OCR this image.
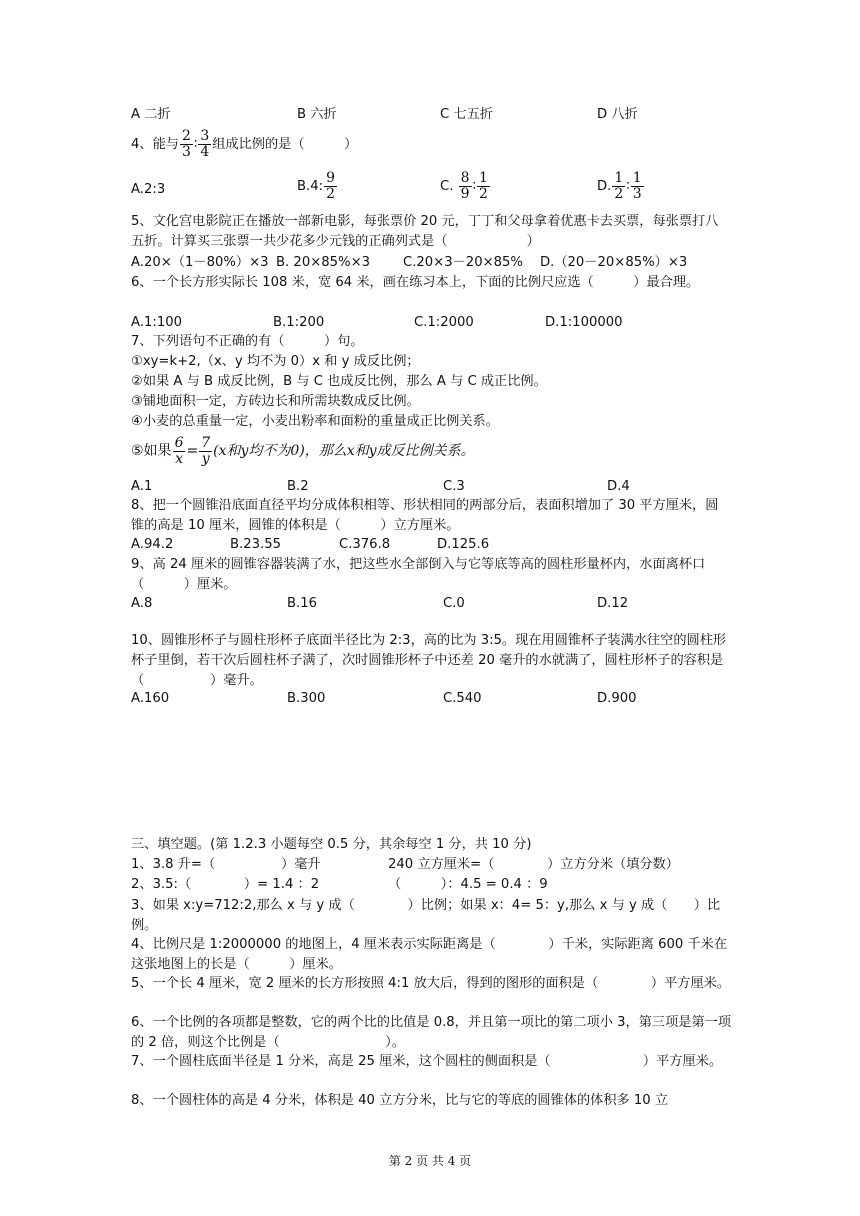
A 二折	B 六折	C 七五折	D 八折
4、能与 $\frac{2}{3}$ ∶ $\frac{3}{4}$ 组成比例的是（　　　）
A.2:3	B.4: $\frac{9}{2}$	C. $\frac{8}{9}$ ∶ $\frac{1}{2}$	D. $\frac{1}{2}$ ∶ $\frac{1}{3}$
5、文化宫电影院正在播放一部新电影，每张票价 20 元，丁丁和父母拿着优惠卡去买票，每张票打八五折。计算买三张票一共少花多少元钱的正确列式是（　　　　　　）
A.20×（1－80%）×3 B. 20×85%×3 C.20×3－20×85% D.（20－20×85%）×3
6、一个长方形实际长 108 米，宽 64 米，画在练习本上，下面的比例尺应选（　　　）最合理。
A.1:100	B.1:200	C.1:2000	D.1:100000
7、下列语句不正确的有（　　　）句。
①xy=k+2,（x、y 均不为 0）x 和 y 成反比例；
②如果 A 与 B 成反比例，B 与 C 也成反比例，那么 A 与 C 成正比例。
③铺地面积一定，方砖边长和所需块数成反比例。
④小麦的总重量一定，小麦出粉率和面粉的重量成正比例关系。
⑤如果 $\frac{6}{x} = \frac{7}{y} (x$和y均不为0)，那么x和y成反比例关系。
A.1	B.2	C.3	D.4
8、把一个圆锥沿底面直径平均分成体积相等、形状相同的两部分后，表面积增加了 30 平方厘米，圆锥的高是 10 厘米，圆锥的体积是（　　　）立方厘米。
A.94.2	B.23.55	C.376.8	D.125.6
9、高 24 厘米的圆锥容器装满了水，把这些水全部倒入与它等底等高的圆柱形量杯内，水面离杯口（　　　）厘米。
A.8	B.16	C.0	D.12
10、圆锥形杯子与圆柱形杯子底面半径比为 2:3，高的比为 3:5。现在用圆锥杯子装满水往空的圆柱形杯子里倒，若干次后圆柱杯子满了，次时圆锥形杯子中还差 20 毫升的水就满了，圆柱形杯子的容积是（　　　　　）毫升。
A.160	B.300	C.540	D.900
三、填空题。(第 1.2.3 小题每空 0.5 分，其余每空 1 分，共 10 分)
1、3.8 升=（　　　　　）毫升	240 立方厘米=（　　　　）立方分米（填分数）
2、3.5:（　　　　）= 1.4 ：2	（　　　）：4.5 = 0.4 ：9
3、如果 x:y=712:2,那么 x 与 y 成（　　　　）比例；如果 x：4= 5：y,那么 x 与 y 成（　　）比例。
4、比例尺是 1:2000000 的地图上，4 厘米表示实际距离是（　　　　）千米，实际距离 600 千米在这张地图上的长是（　　　）厘米。
5、一个长 4 厘米，宽 2 厘米的长方形按照 4:1 放大后，得到的图形的面积是（　　　　）平方厘米。
6、一个比例的各项都是整数，它的两个比的比值是 0.8，并且第一项比的第二项小 3，第三项是第一项的 2 倍，则这个比例是（　　　　　　　　）。
7、一个圆柱底面半径是 1 分米，高是 25 厘米，这个圆柱的侧面积是（　　　　　　　）平方厘米。
8、一个圆柱体的高是 4 分米，体积是 40 立方分米，比与它的等底的圆锥体的体积多 10 立
第 2 页 共 4 页
